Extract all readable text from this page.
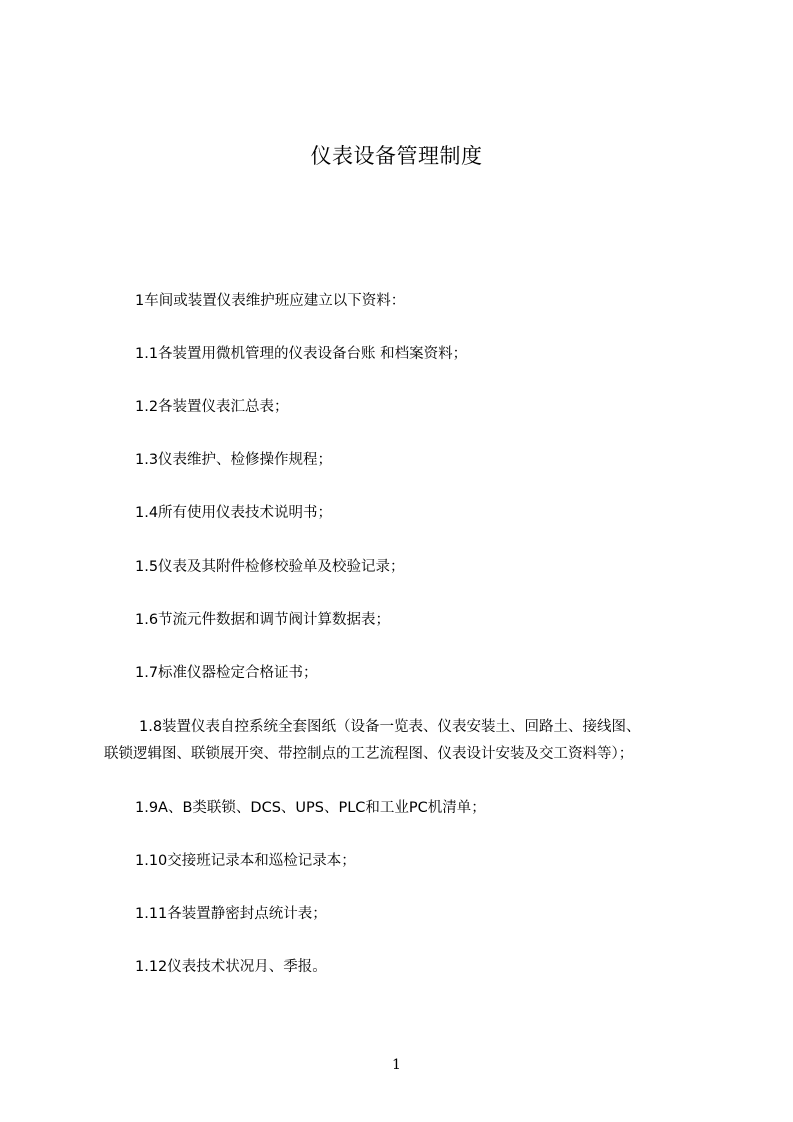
仪表设备管理制度
1车间或装置仪表维护班应建立以下资料：
1.1各装置用微机管理的仪表设备台账 和档案资料；
1.2各装置仪表汇总表；
1.3仪表维护、检修操作规程；
1.4所有使用仪表技术说明书；
1.5仪表及其附件检修校验单及校验记录；
1.6节流元件数据和调节阀计算数据表；
1.7标准仪器检定合格证书；
1.8装置仪表自控系统全套图纸（设备一览表、仪表安装土、回路土、接线图、
联锁逻辑图、联锁展开突、带控制点的工艺流程图、仪表设计安装及交工资料等）；
1.9A、B类联锁、DCS、UPS、PLC和工业PC机清单；
1.10交接班记录本和巡检记录本；
1.11各装置静密封点统计表；
1.12仪表技术状况月、季报。
1
